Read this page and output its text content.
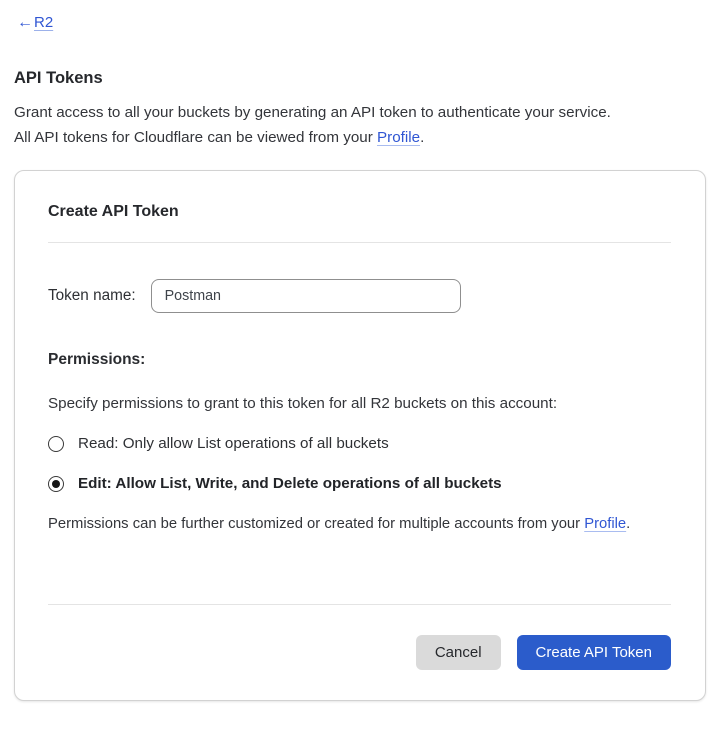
← R2
API Tokens

Grant access to all your buckets by generating an API token to authenticate your service.
All API tokens for Cloudflare can be viewed from your Profile.

Create API Token
Token name:
Postman
Permissions:

Specify permissions to grant to this token for all R2 buckets on this account:

Read: Only allow List operations of all buckets
Edit: Allow List, Write, and Delete operations of all buckets

Permissions can be further customized or created for multiple accounts from your Profile.

Cancel	Create API Token
